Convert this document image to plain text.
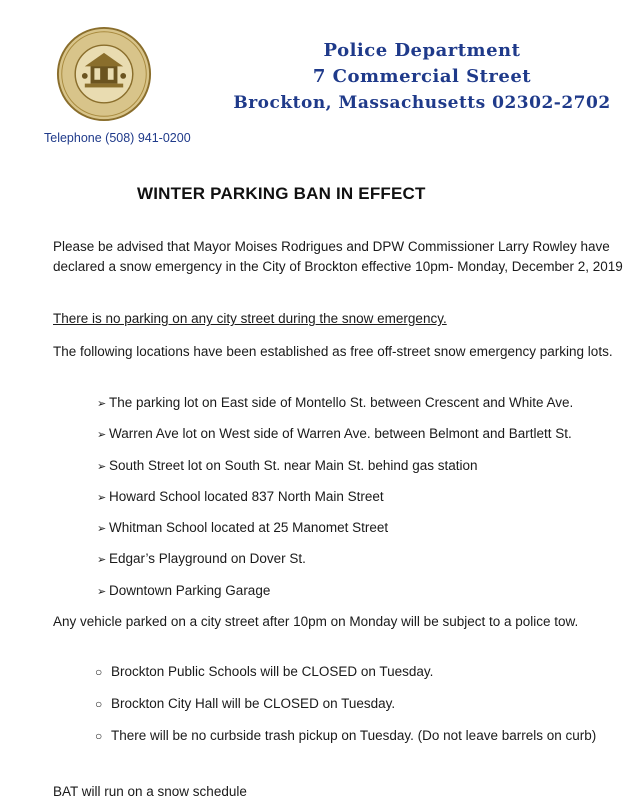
Police Department
7 Commercial Street
Brockton, Massachusetts 02302-2702
Telephone (508) 941-0200
WINTER PARKING BAN IN EFFECT
Please be advised that Mayor Moises Rodrigues and DPW Commissioner Larry Rowley have declared a snow emergency in the City of Brockton effective 10pm- Monday, December 2, 2019
There is no parking on any city street during the snow emergency.
The following locations have been established as free off-street snow emergency parking lots.
➢ The parking lot on East side of Montello St. between Crescent and White Ave.
➢ Warren Ave lot on West side of Warren Ave. between Belmont and Bartlett St.
➢ South Street lot on South St. near Main St. behind gas station
➢ Howard School located 837 North Main Street
➢ Whitman School located at 25 Manomet Street
➢ Edgar’s Playground on Dover St.
➢ Downtown Parking Garage
Any vehicle parked on a city street after 10pm on Monday will be subject to a police tow.
○ Brockton Public Schools will be CLOSED on Tuesday.
○ Brockton City Hall will be CLOSED on Tuesday.
○ There will be no curbside trash pickup on Tuesday. (Do not leave barrels on curb)
BAT will run on a snow schedule
